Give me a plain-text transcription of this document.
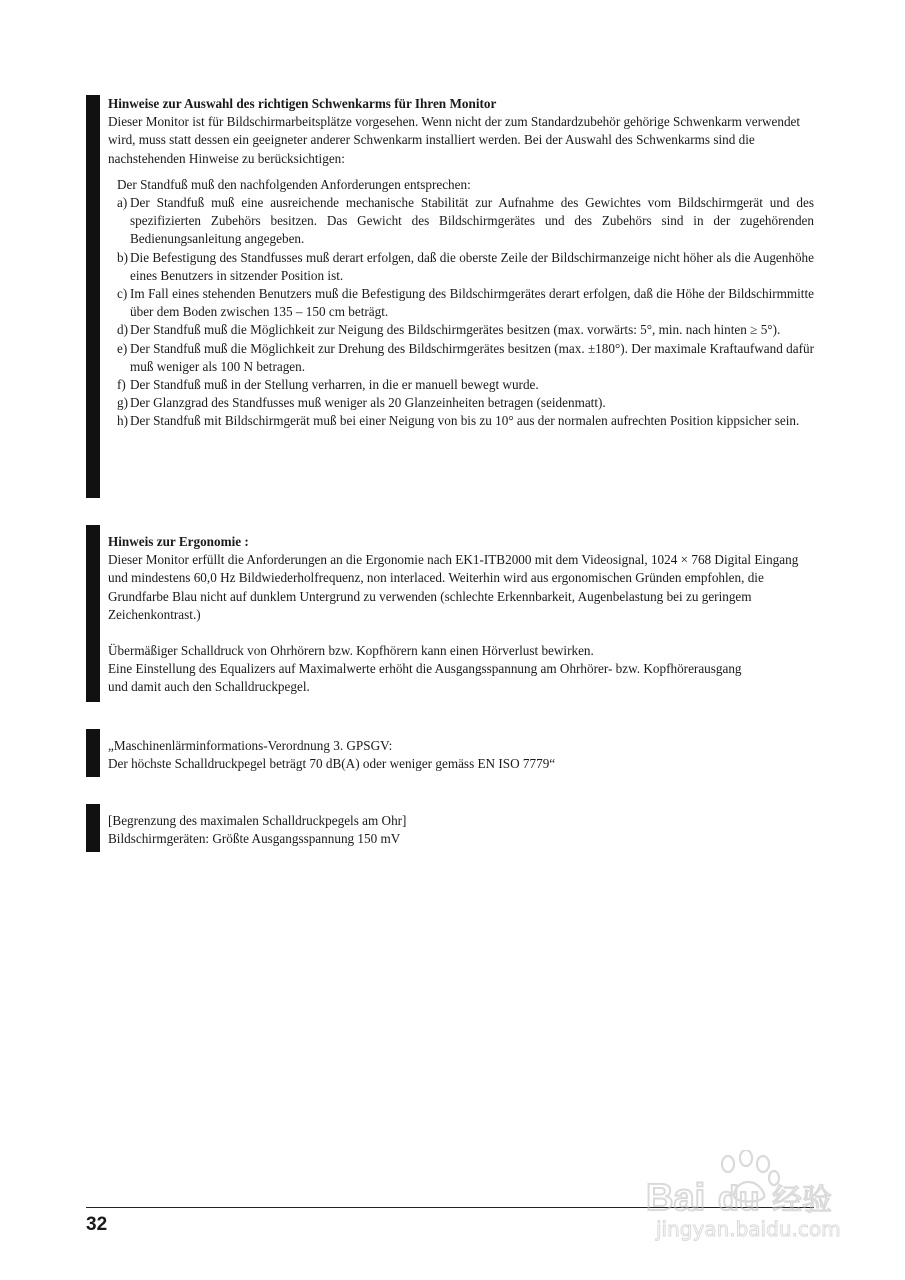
Hinweise zur Auswahl des richtigen Schwenkarms für Ihren Monitor

Dieser Monitor ist für Bildschirmarbeitsplätze vorgesehen. Wenn nicht der zum Standardzubehör gehörige Schwenkarm verwendet wird, muss statt dessen ein geeigneter anderer Schwenkarm installiert werden. Bei der Auswahl des Schwenkarms sind die nachstehenden Hinweise zu berücksichtigen:

Der Standfuß muß den nachfolgenden Anforderungen entsprechen:

a) Der Standfuß muß eine ausreichende mechanische Stabilität zur Aufnahme des Gewichtes vom Bildschirmgerät und des spezifizierten Zubehörs besitzen. Das Gewicht des Bildschirmgerätes und des Zubehörs sind in der zugehörenden Bedienungsanleitung angegeben.
b) Die Befestigung des Standfusses muß derart erfolgen, daß die oberste Zeile der Bildschirmanzeige nicht höher als die Augenhöhe eines Benutzers in sitzender Position ist.
c) Im Fall eines stehenden Benutzers muß die Befestigung des Bildschirmgerätes derart erfolgen, daß die Höhe der Bildschirmmitte über dem Boden zwischen 135 – 150 cm beträgt.
d) Der Standfuß muß die Möglichkeit zur Neigung des Bildschirmgerätes besitzen (max. vorwärts: 5°, min. nach hinten ≥ 5°).
e) Der Standfuß muß die Möglichkeit zur Drehung des Bildschirmgerätes besitzen (max. ±180°). Der maximale Kraftaufwand dafür muß weniger als 100 N betragen.
f) Der Standfuß muß in der Stellung verharren, in die er manuell bewegt wurde.
g) Der Glanzgrad des Standfusses muß weniger als 20 Glanzeinheiten betragen (seidenmatt).
h) Der Standfuß mit Bildschirmgerät muß bei einer Neigung von bis zu 10° aus der normalen aufrechten Position kippsicher sein.

Hinweis zur Ergonomie :

Dieser Monitor erfüllt die Anforderungen an die Ergonomie nach EK1-ITB2000 mit dem Videosignal, 1024 × 768 Digital Eingang und mindestens 60,0 Hz Bildwiederholfrequenz, non interlaced. Weiterhin wird aus ergonomischen Gründen empfohlen, die Grundfarbe Blau nicht auf dunklem Untergrund zu verwenden (schlechte Erkennbarkeit, Augenbelastung bei zu geringem Zeichenkontrast.)

Übermäßiger Schalldruck von Ohrhörern bzw. Kopfhörern kann einen Hörverlust bewirken.

Eine Einstellung des Equalizers auf Maximalwerte erhöht die Ausgangsspannung am Ohrhörer- bzw. Kopfhörerausgang und damit auch den Schalldruckpegel.

„Maschinenlärminformations-Verordnung 3. GPSGV:

Der höchste Schalldruckpegel beträgt 70 dB(A) oder weniger gemäss EN ISO 7779“

[Begrenzung des maximalen Schalldruckpegels am Ohr]

Bildschirmgeräten: Größte Ausgangsspannung 150 mV

32
Bai du 经验
jingyan.baidu.com
